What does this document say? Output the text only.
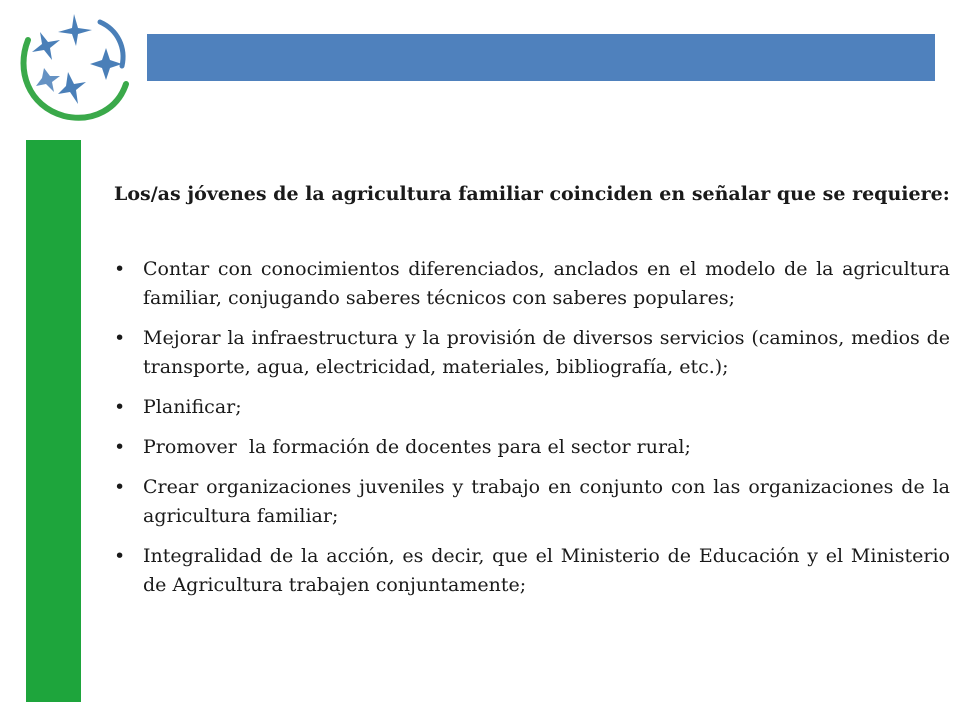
Los/as jóvenes de la agricultura familiar coinciden en señalar que se requiere:

• Contar con conocimientos diferenciados, anclados en el modelo de la agricultura familiar, conjugando saberes técnicos con saberes populares;
• Mejorar la infraestructura y la provisión de diversos servicios (caminos, medios de transporte, agua, electricidad, materiales, bibliografía, etc.);
• Planificar;
• Promover  la formación de docentes para el sector rural;
• Crear organizaciones juveniles y trabajo en conjunto con las organizaciones de la agricultura familiar;
• Integralidad de la acción, es decir, que el Ministerio de Educación y el Ministerio de Agricultura trabajen conjuntamente;
